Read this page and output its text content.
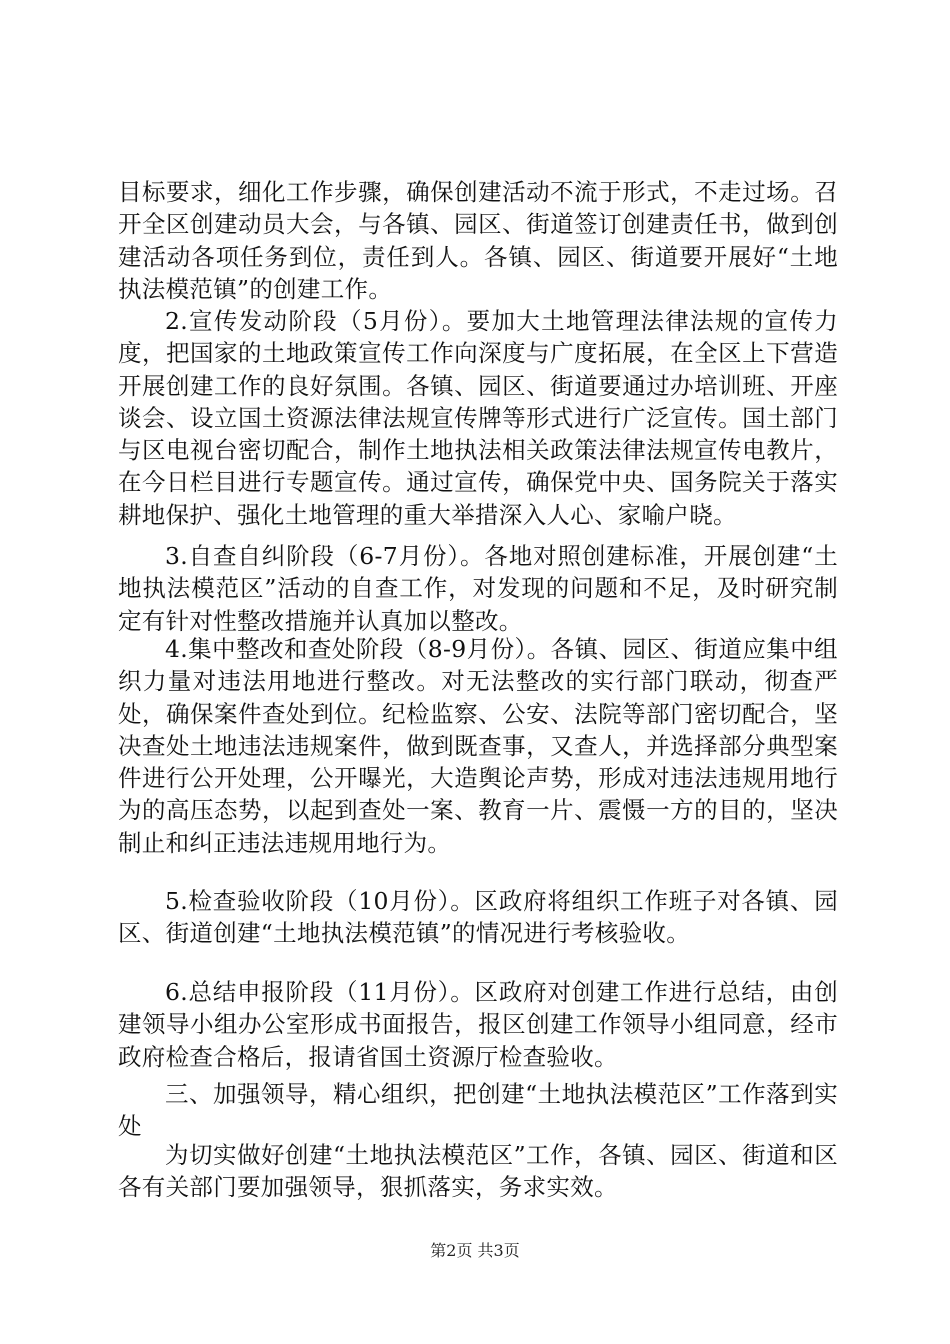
目标要求，细化工作步骤，确保创建活动不流于形式，不走过场。召开全区创建动员大会，与各镇、园区、街道签订创建责任书，做到创建活动各项任务到位，责任到人。各镇、园区、街道要开展好“土地执法模范镇”的创建工作。

2.宣传发动阶段（5月份）。要加大土地管理法律法规的宣传力度，把国家的土地政策宣传工作向深度与广度拓展，在全区上下营造开展创建工作的良好氛围。各镇、园区、街道要通过办培训班、开座谈会、设立国土资源法律法规宣传牌等形式进行广泛宣传。国土部门与区电视台密切配合，制作土地执法相关政策法律法规宣传电教片，在今日栏目进行专题宣传。通过宣传，确保党中央、国务院关于落实耕地保护、强化土地管理的重大举措深入人心、家喻户晓。

3.自查自纠阶段（6-7月份）。各地对照创建标准，开展创建“土地执法模范区”活动的自查工作，对发现的问题和不足，及时研究制定有针对性整改措施并认真加以整改。

4.集中整改和查处阶段（8-9月份）。各镇、园区、街道应集中组织力量对违法用地进行整改。对无法整改的实行部门联动，彻查严处，确保案件查处到位。纪检监察、公安、法院等部门密切配合，坚决查处土地违法违规案件，做到既查事，又查人，并选择部分典型案件进行公开处理，公开曝光，大造舆论声势，形成对违法违规用地行为的高压态势，以起到查处一案、教育一片、震慑一方的目的，坚决制止和纠正违法违规用地行为。

5.检查验收阶段（10月份）。区政府将组织工作班子对各镇、园区、街道创建“土地执法模范镇”的情况进行考核验收。

6.总结申报阶段（11月份）。区政府对创建工作进行总结，由创建领导小组办公室形成书面报告，报区创建工作领导小组同意，经市政府检查合格后，报请省国土资源厅检查验收。

三、加强领导，精心组织，把创建“土地执法模范区”工作落到实处

为切实做好创建“土地执法模范区”工作，各镇、园区、街道和区各有关部门要加强领导，狠抓落实，务求实效。

第2页 共3页
